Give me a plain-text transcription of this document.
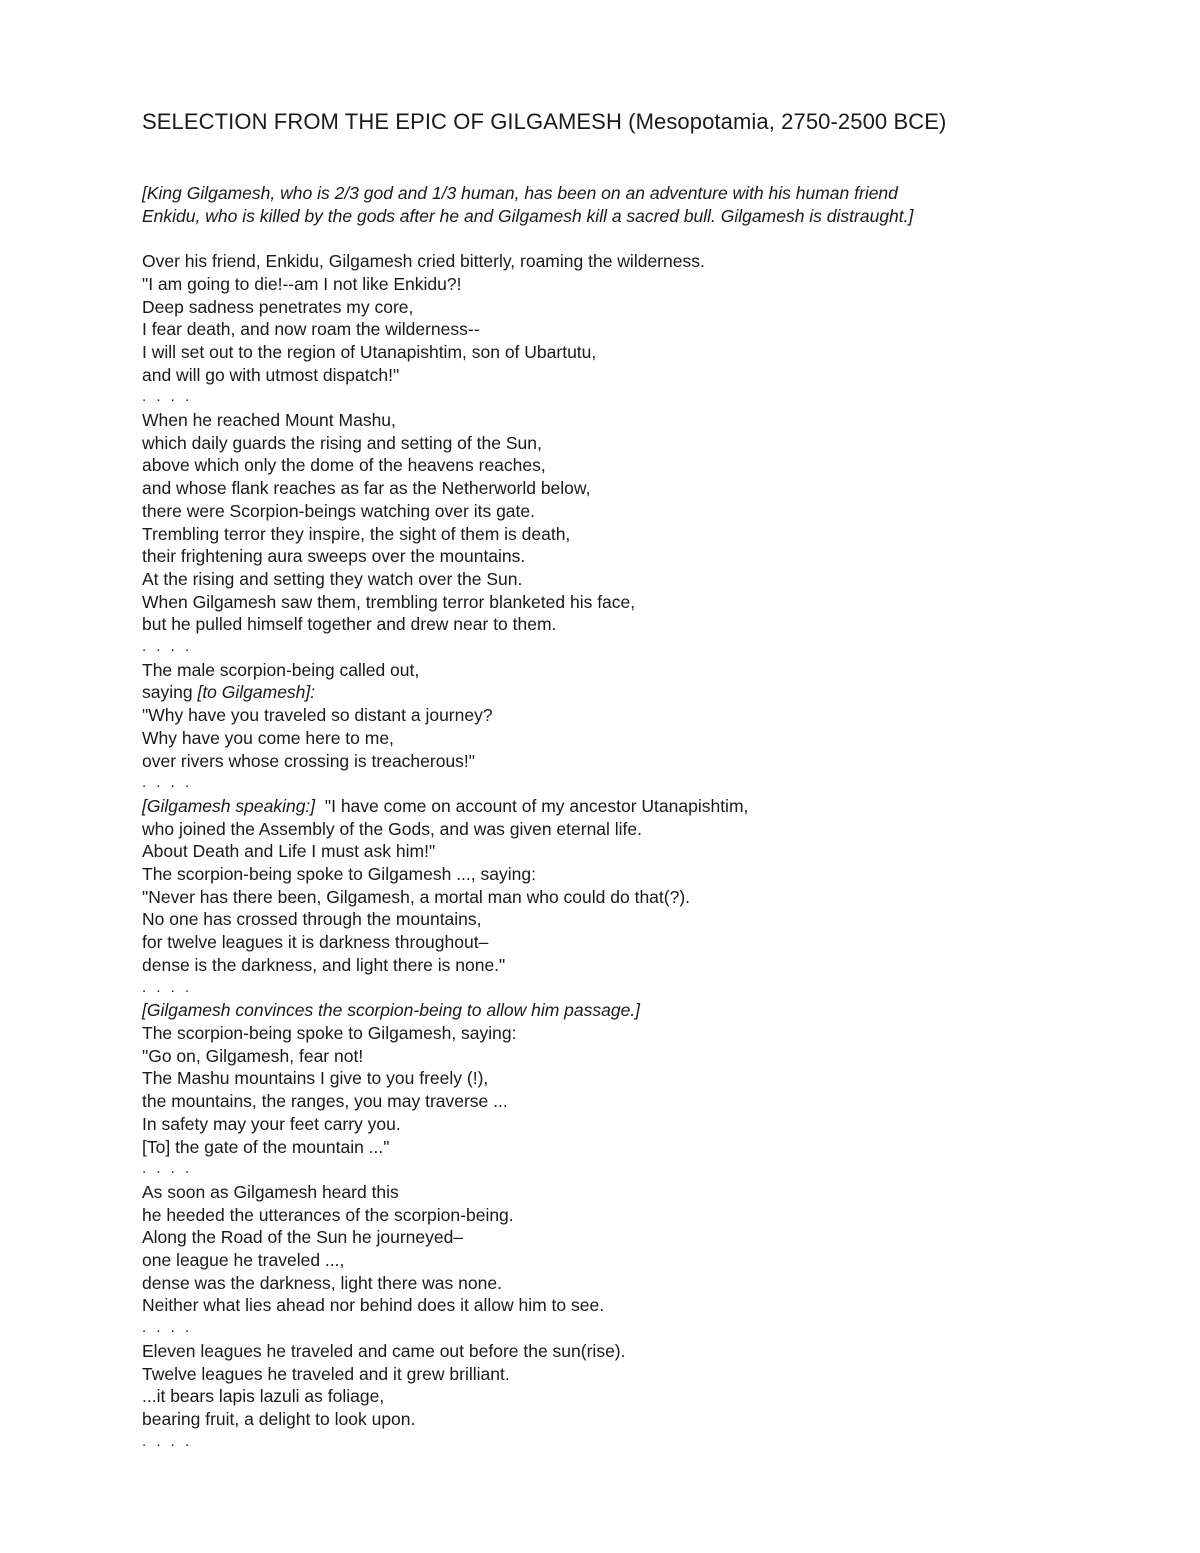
SELECTION FROM THE EPIC OF GILGAMESH (Mesopotamia, 2750-2500 BCE)
[King Gilgamesh, who is 2/3 god and 1/3 human, has been on an adventure with his human friend
Enkidu, who is killed by the gods after he and Gilgamesh kill a sacred bull. Gilgamesh is distraught.]
Over his friend, Enkidu, Gilgamesh cried bitterly, roaming the wilderness.
"I am going to die!--am I not like Enkidu?!
Deep sadness penetrates my core,
I fear death, and now roam the wilderness--
I will set out to the region of Utanapishtim, son of Ubartutu,
and will go with utmost dispatch!"
. . . .
When he reached Mount Mashu,
which daily guards the rising and setting of the Sun,
above which only the dome of the heavens reaches,
and whose flank reaches as far as the Netherworld below,
there were Scorpion-beings watching over its gate.
Trembling terror they inspire, the sight of them is death,
their frightening aura sweeps over the mountains.
At the rising and setting they watch over the Sun.
When Gilgamesh saw them, trembling terror blanketed his face,
but he pulled himself together and drew near to them.
. . . .
The male scorpion-being called out,
saying [to Gilgamesh]:
"Why have you traveled so distant a journey?
Why have you come here to me,
over rivers whose crossing is treacherous!"
. . . .
[Gilgamesh speaking:]  "I have come on account of my ancestor Utanapishtim,
who joined the Assembly of the Gods, and was given eternal life.
About Death and Life I must ask him!"
The scorpion-being spoke to Gilgamesh ..., saying:
"Never has there been, Gilgamesh, a mortal man who could do that(?).
No one has crossed through the mountains,
for twelve leagues it is darkness throughout–
dense is the darkness, and light there is none."
. . . .
[Gilgamesh convinces the scorpion-being to allow him passage.]
The scorpion-being spoke to Gilgamesh, saying:
"Go on, Gilgamesh, fear not!
The Mashu mountains I give to you freely (!),
the mountains, the ranges, you may traverse ...
In safety may your feet carry you.
[To] the gate of the mountain ..."
. . . .
As soon as Gilgamesh heard this
he heeded the utterances of the scorpion-being.
Along the Road of the Sun he journeyed–
one league he traveled ...,
dense was the darkness, light there was none.
Neither what lies ahead nor behind does it allow him to see.
. . . .
Eleven leagues he traveled and came out before the sun(rise).
Twelve leagues he traveled and it grew brilliant.
...it bears lapis lazuli as foliage,
bearing fruit, a delight to look upon.
. . . .
